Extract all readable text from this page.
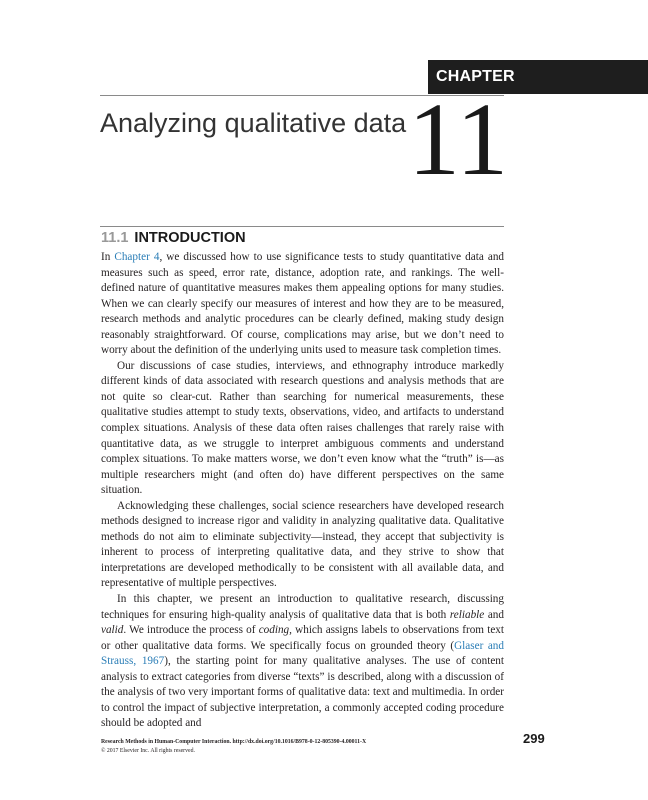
CHAPTER
Analyzing qualitative data 11
11.1 INTRODUCTION

In Chapter 4, we discussed how to use significance tests to study quantitative data and measures such as speed, error rate, distance, adoption rate, and rankings. The well-defined nature of quantitative measures makes them appealing options for many studies. When we can clearly specify our measures of interest and how they are to be measured, research methods and analytic procedures can be clearly defined, making study design reasonably straightforward. Of course, complications may arise, but we don’t need to worry about the definition of the underlying units used to measure task completion times.

Our discussions of case studies, interviews, and ethnography introduce markedly different kinds of data associated with research questions and analysis methods that are not quite so clear-cut. Rather than searching for numerical measurements, these qualitative studies attempt to study texts, observations, video, and artifacts to understand complex situations. Analysis of these data often raises challenges that rarely raise with quantitative data, as we struggle to interpret ambiguous comments and understand complex situations. To make matters worse, we don’t even know what the “truth” is—as multiple researchers might (and often do) have different perspectives on the same situation.

Acknowledging these challenges, social science researchers have developed research methods designed to increase rigor and validity in analyzing qualitative data. Qualitative methods do not aim to eliminate subjectivity—instead, they accept that subjectivity is inherent to process of interpreting qualitative data, and they strive to show that interpretations are developed methodically to be consistent with all available data, and representative of multiple perspectives.

In this chapter, we present an introduction to qualitative research, discussing techniques for ensuring high-quality analysis of qualitative data that is both reliable and valid. We introduce the process of coding, which assigns labels to observations from text or other qualitative data forms. We specifically focus on grounded theory (Glaser and Strauss, 1967), the starting point for many qualitative analyses. The use of content analysis to extract categories from diverse “texts” is described, along with a discussion of the analysis of two very important forms of qualitative data: text and multimedia. In order to control the impact of subjective interpretation, a commonly accepted coding procedure should be adopted and

Research Methods in Human-Computer Interaction. http://dx.doi.org/10.1016/B978-0-12-805390-4.00011-X
© 2017 Elsevier Inc. All rights reserved.
299
